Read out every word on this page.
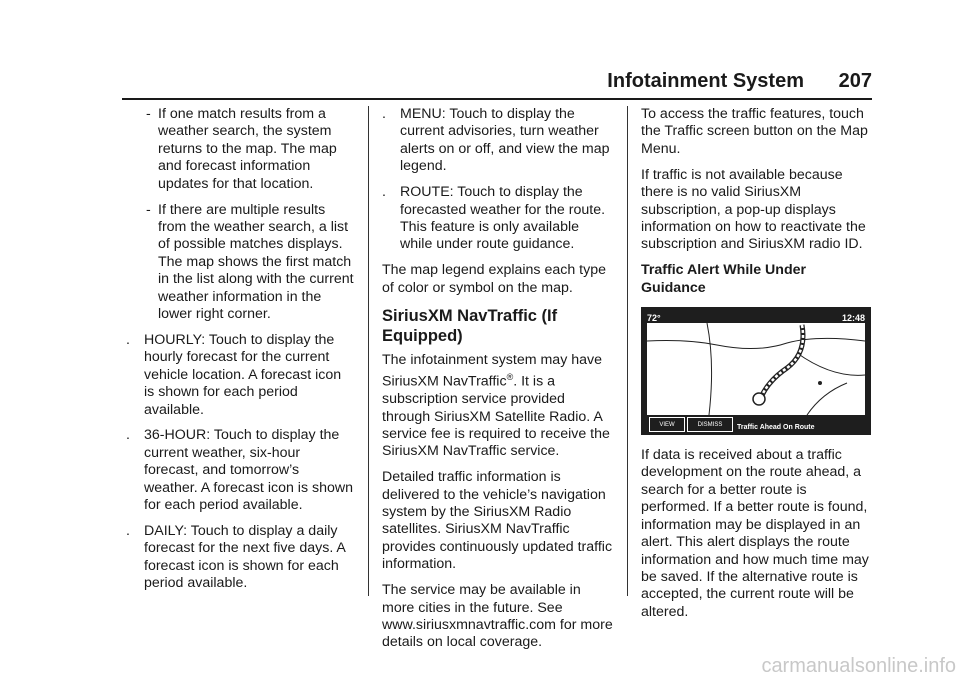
Infotainment System 207

- If one match results from a weather search, the system returns to the map. The map and forecast information updates for that location.

- If there are multiple results from the weather search, a list of possible matches displays. The map shows the first match in the list along with the current weather information in the lower right corner.

. HOURLY: Touch to display the hourly forecast for the current vehicle location. A forecast icon is shown for each period available.

. 36-HOUR: Touch to display the current weather, six-hour forecast, and tomorrow’s weather. A forecast icon is shown for each period available.

. DAILY: Touch to display a daily forecast for the next five days. A forecast icon is shown for each period available.

. MENU: Touch to display the current advisories, turn weather alerts on or off, and view the map legend.

. ROUTE: Touch to display the forecasted weather for the route. This feature is only available while under route guidance.

The map legend explains each type of color or symbol on the map.

SiriusXM NavTraffic (If Equipped)

The infotainment system may have SiriusXM NavTraffic®. It is a subscription service provided through SiriusXM Satellite Radio. A service fee is required to receive the SiriusXM NavTraffic service.

Detailed traffic information is delivered to the vehicle’s navigation system by the SiriusXM Radio satellites. SiriusXM NavTraffic provides continuously updated traffic information.

The service may be available in more cities in the future. See www.siriusxmnavtraffic.com for more details on local coverage.

To access the traffic features, touch the Traffic screen button on the Map Menu.

If traffic is not available because there is no valid SiriusXM subscription, a pop-up displays information on how to reactivate the subscription and SiriusXM radio ID.

Traffic Alert While Under Guidance
72°	12:48
VIEW	DISMISS	Traffic Ahead On Route

If data is received about a traffic development on the route ahead, a search for a better route is performed. If a better route is found, information may be displayed in an alert. This alert displays the route information and how much time may be saved. If the alternative route is accepted, the current route will be altered.

carmanualsonline.info
